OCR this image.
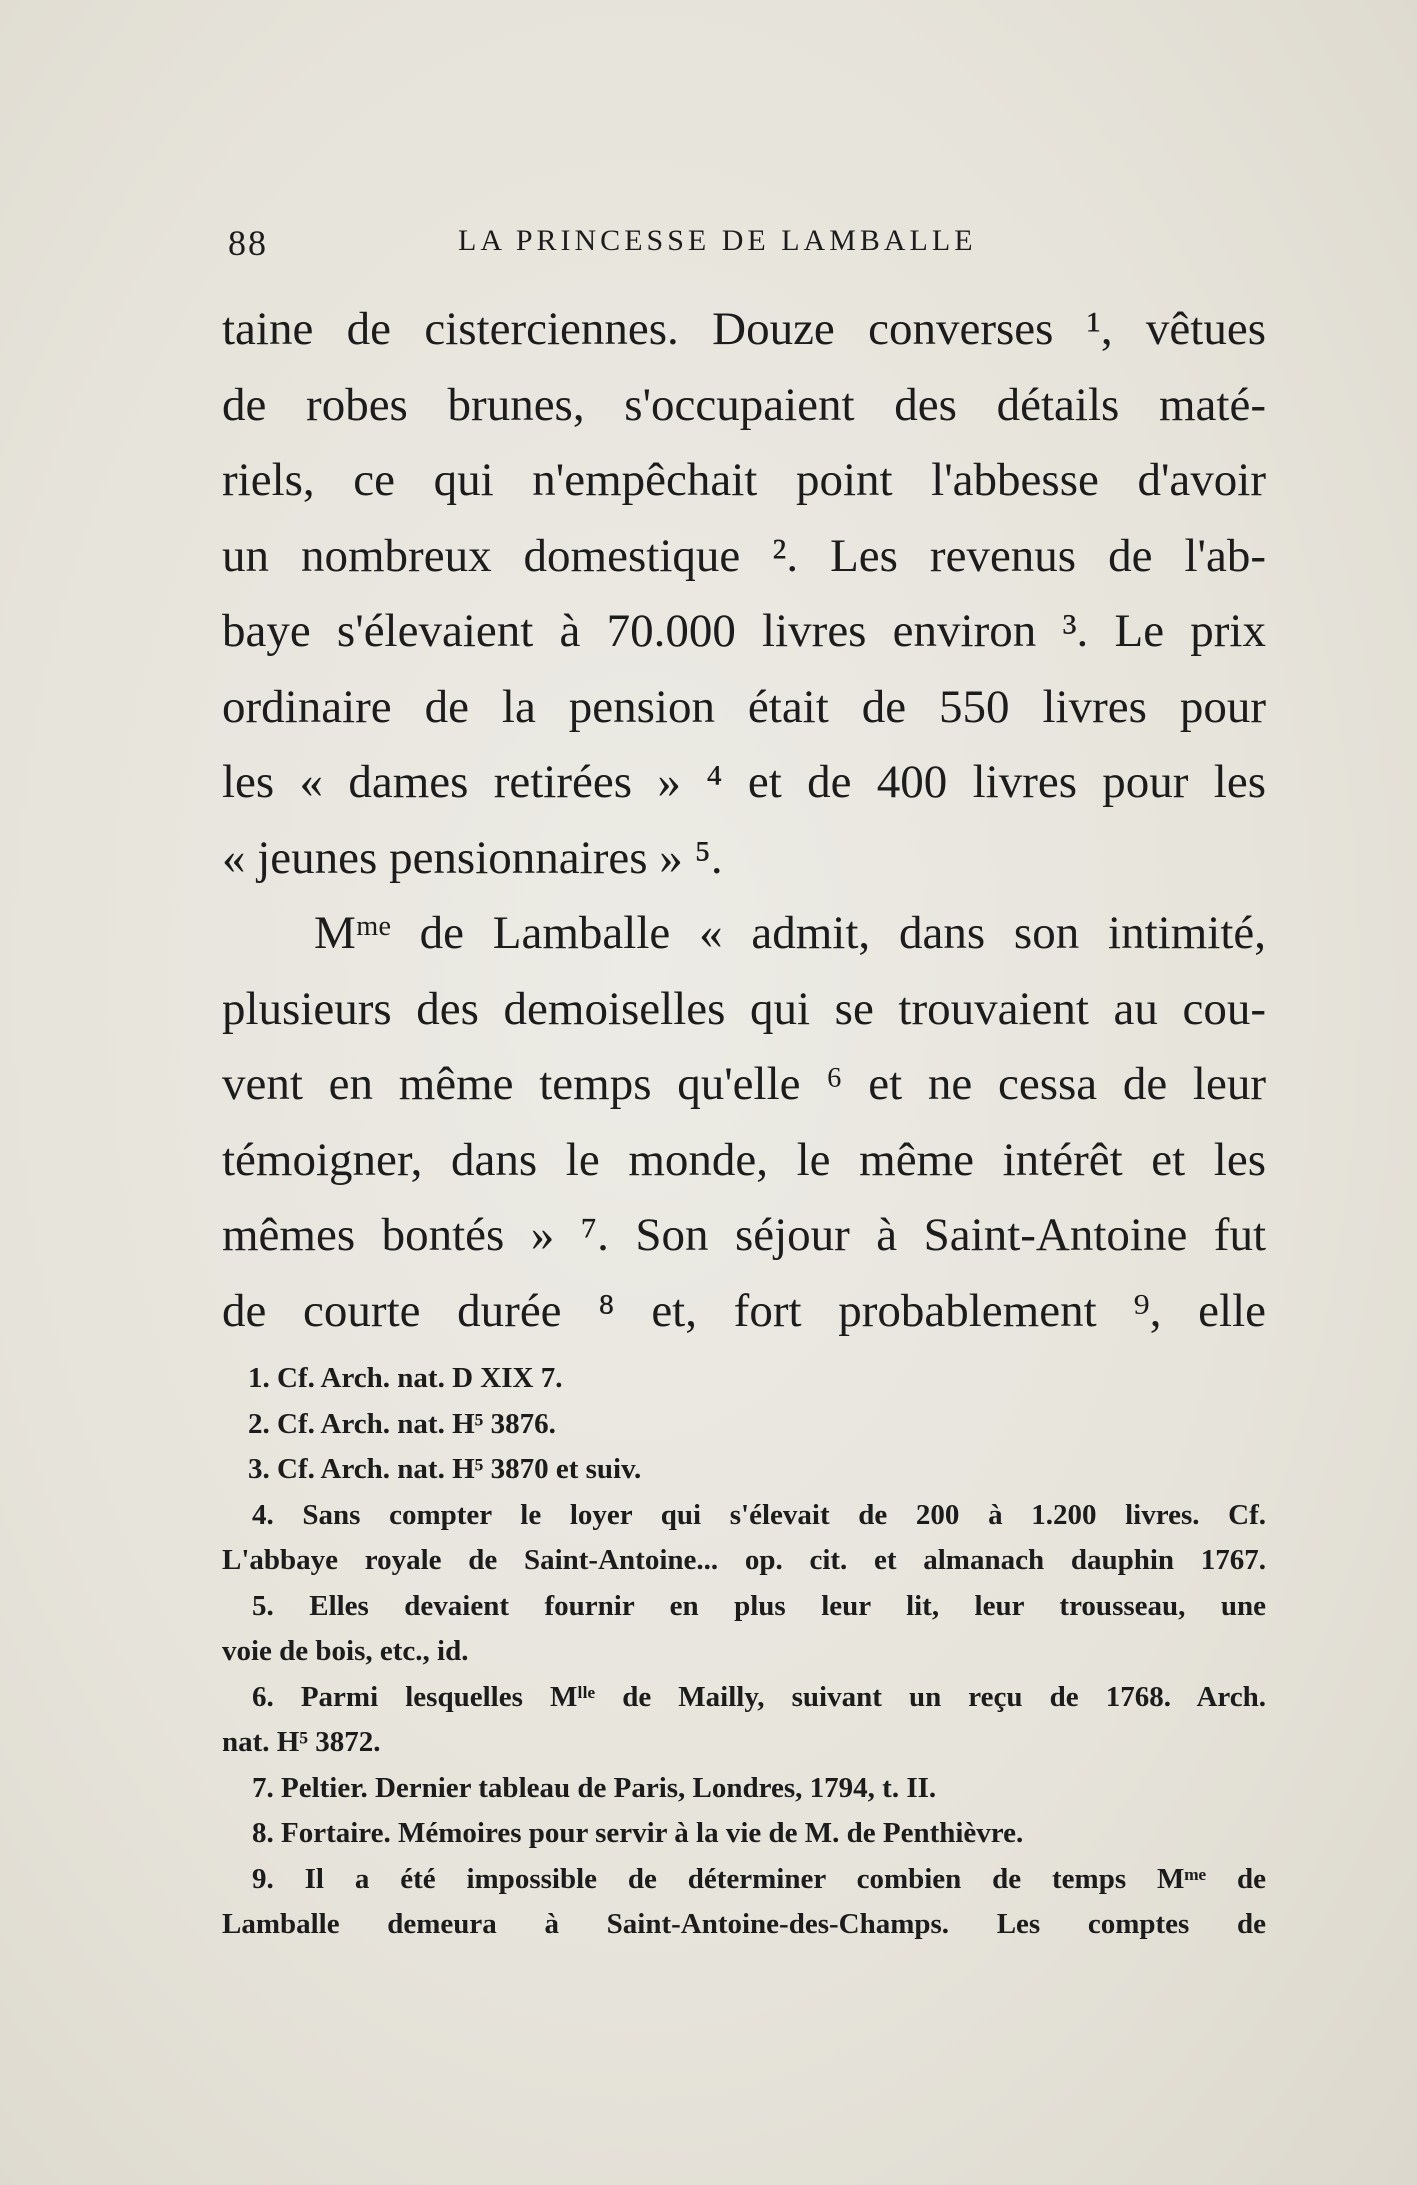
88	LA PRINCESSE DE LAMBALLE
taine de cisterciennes. Douze converses ¹, vêtues
de robes brunes, s'occupaient des détails maté-
riels, ce qui n'empêchait point l'abbesse d'avoir
un nombreux domestique ². Les revenus de l'ab-
baye s'élevaient à 70.000 livres environ ³. Le prix
ordinaire de la pension était de 550 livres pour
les « dames retirées » ⁴ et de 400 livres pour les
« jeunes pensionnaires » ⁵.
Mᵐᵉ de Lamballe « admit, dans son intimité,
plusieurs des demoiselles qui se trouvaient au cou-
vent en même temps qu'elle ⁶ et ne cessa de leur
témoigner, dans le monde, le même intérêt et les
mêmes bontés » ⁷. Son séjour à Saint-Antoine fut
de courte durée ⁸ et, fort probablement ⁹, elle
1. Cf. Arch. nat. D XIX 7.
2. Cf. Arch. nat. H⁵ 3876.
3. Cf. Arch. nat. H⁵ 3870 et suiv.
4. Sans compter le loyer qui s'élevait de 200 à 1.200 livres. Cf.
L'abbaye royale de Saint-Antoine... op. cit. et almanach dauphin 1767.
5. Elles devaient fournir en plus leur lit, leur trousseau, une
voie de bois, etc., id.
6. Parmi lesquelles Mˡˡᵉ de Mailly, suivant un reçu de 1768. Arch.
nat. H⁵ 3872.
7. Peltier. Dernier tableau de Paris, Londres, 1794, t. II.
8. Fortaire. Mémoires pour servir à la vie de M. de Penthièvre.
9. Il a été impossible de déterminer combien de temps Mᵐᵉ de
Lamballe demeura à Saint-Antoine-des-Champs. Les comptes de
